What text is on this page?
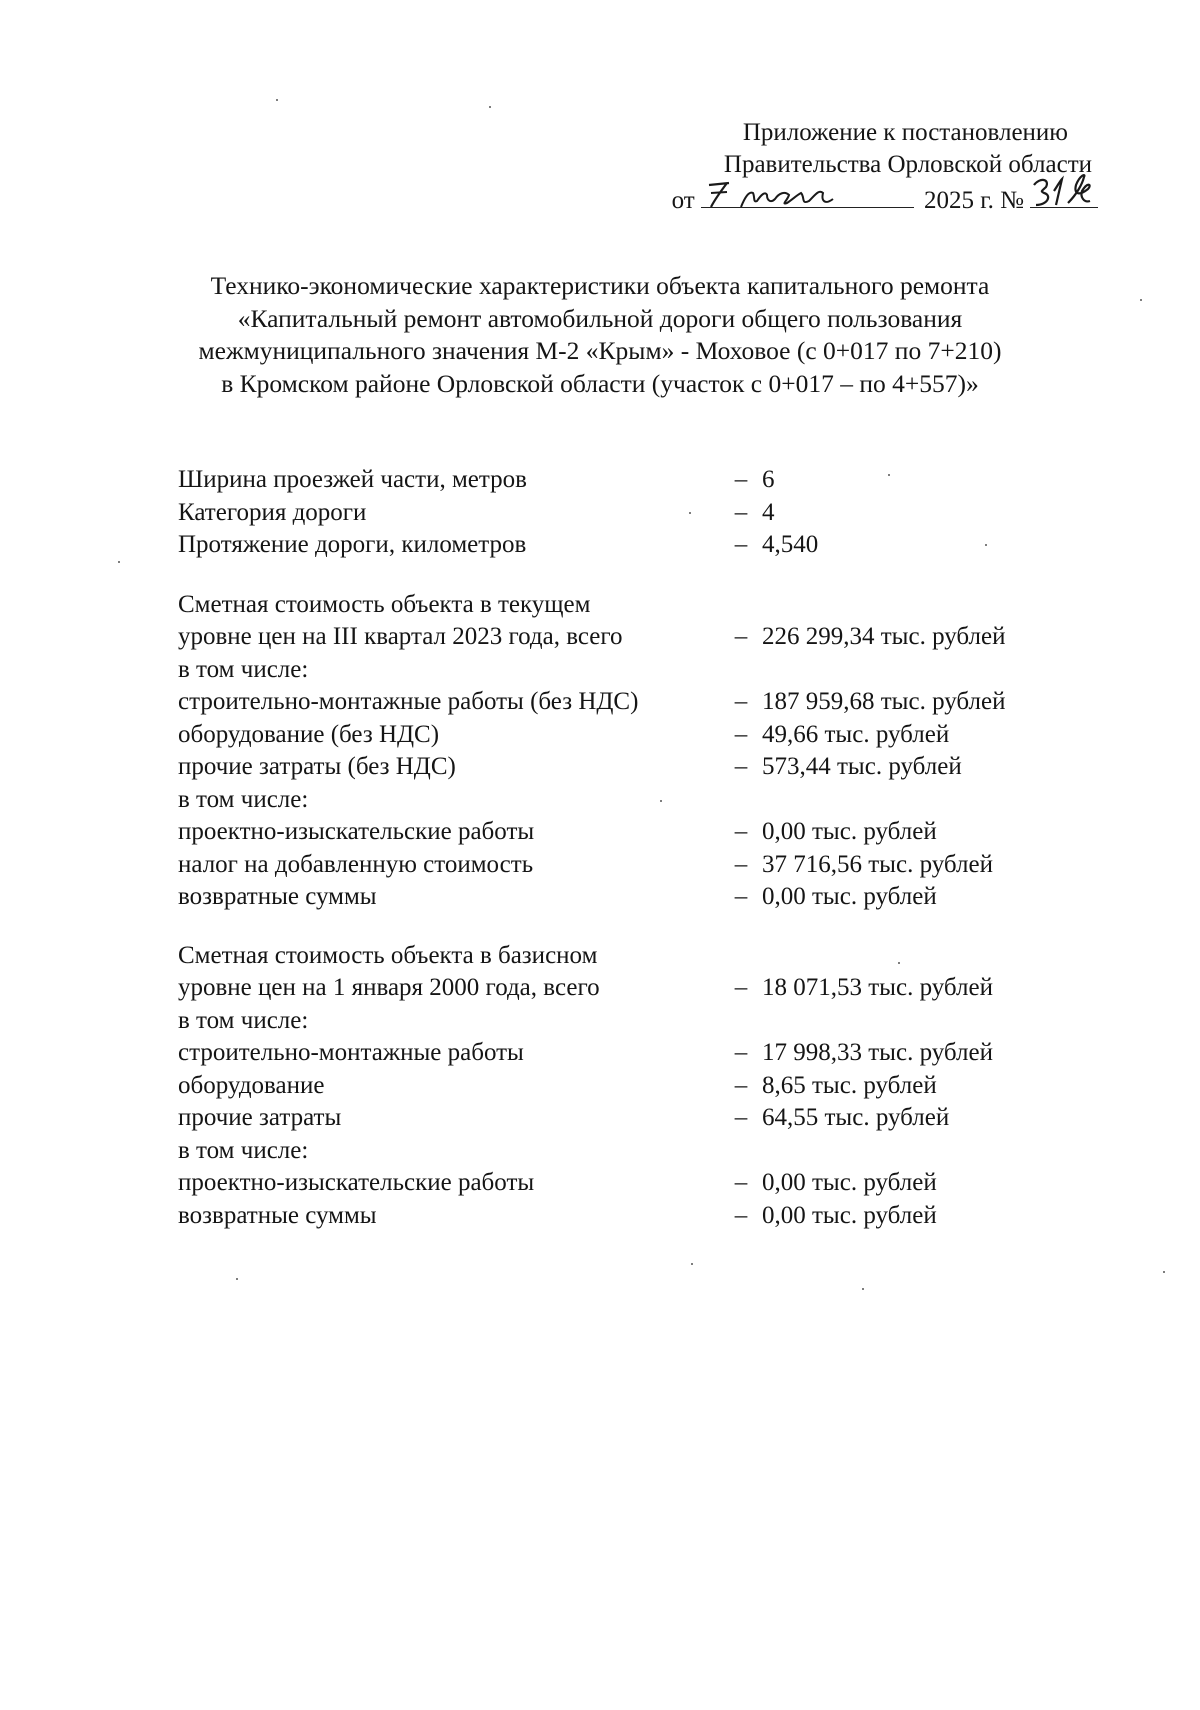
Приложение к постановлению
Правительства Орловской области
от	2025 г. №
Технико-экономические характеристики объекта капитального ремонта
«Капитальный ремонт автомобильной дороги общего пользования
межмуниципального значения М-2 «Крым» - Моховое (с 0+017 по 7+210)
в Кромском районе Орловской области (участок с 0+017 – по 4+557)»
Ширина проезжей части, метров	– 6
Категория дороги	– 4
Протяжение дороги, километров	– 4,540
Сметная стоимость объекта в текущем
уровне цен на III квартал 2023 года, всего	– 226 299,34 тыс. рублей
в том числе:
строительно-монтажные работы (без НДС)	– 187 959,68 тыс. рублей
оборудование (без НДС)	– 49,66 тыс. рублей
прочие затраты (без НДС)	– 573,44 тыс. рублей
в том числе:
проектно-изыскательские работы	– 0,00 тыс. рублей
налог на добавленную стоимость	– 37 716,56 тыс. рублей
возвратные суммы	– 0,00 тыс. рублей
Сметная стоимость объекта в базисном
уровне цен на 1 января 2000 года, всего	– 18 071,53 тыс. рублей
в том числе:
строительно-монтажные работы	– 17 998,33 тыс. рублей
оборудование	– 8,65 тыс. рублей
прочие затраты	– 64,55 тыс. рублей
в том числе:
проектно-изыскательские работы	– 0,00 тыс. рублей
возвратные суммы	– 0,00 тыс. рублей
